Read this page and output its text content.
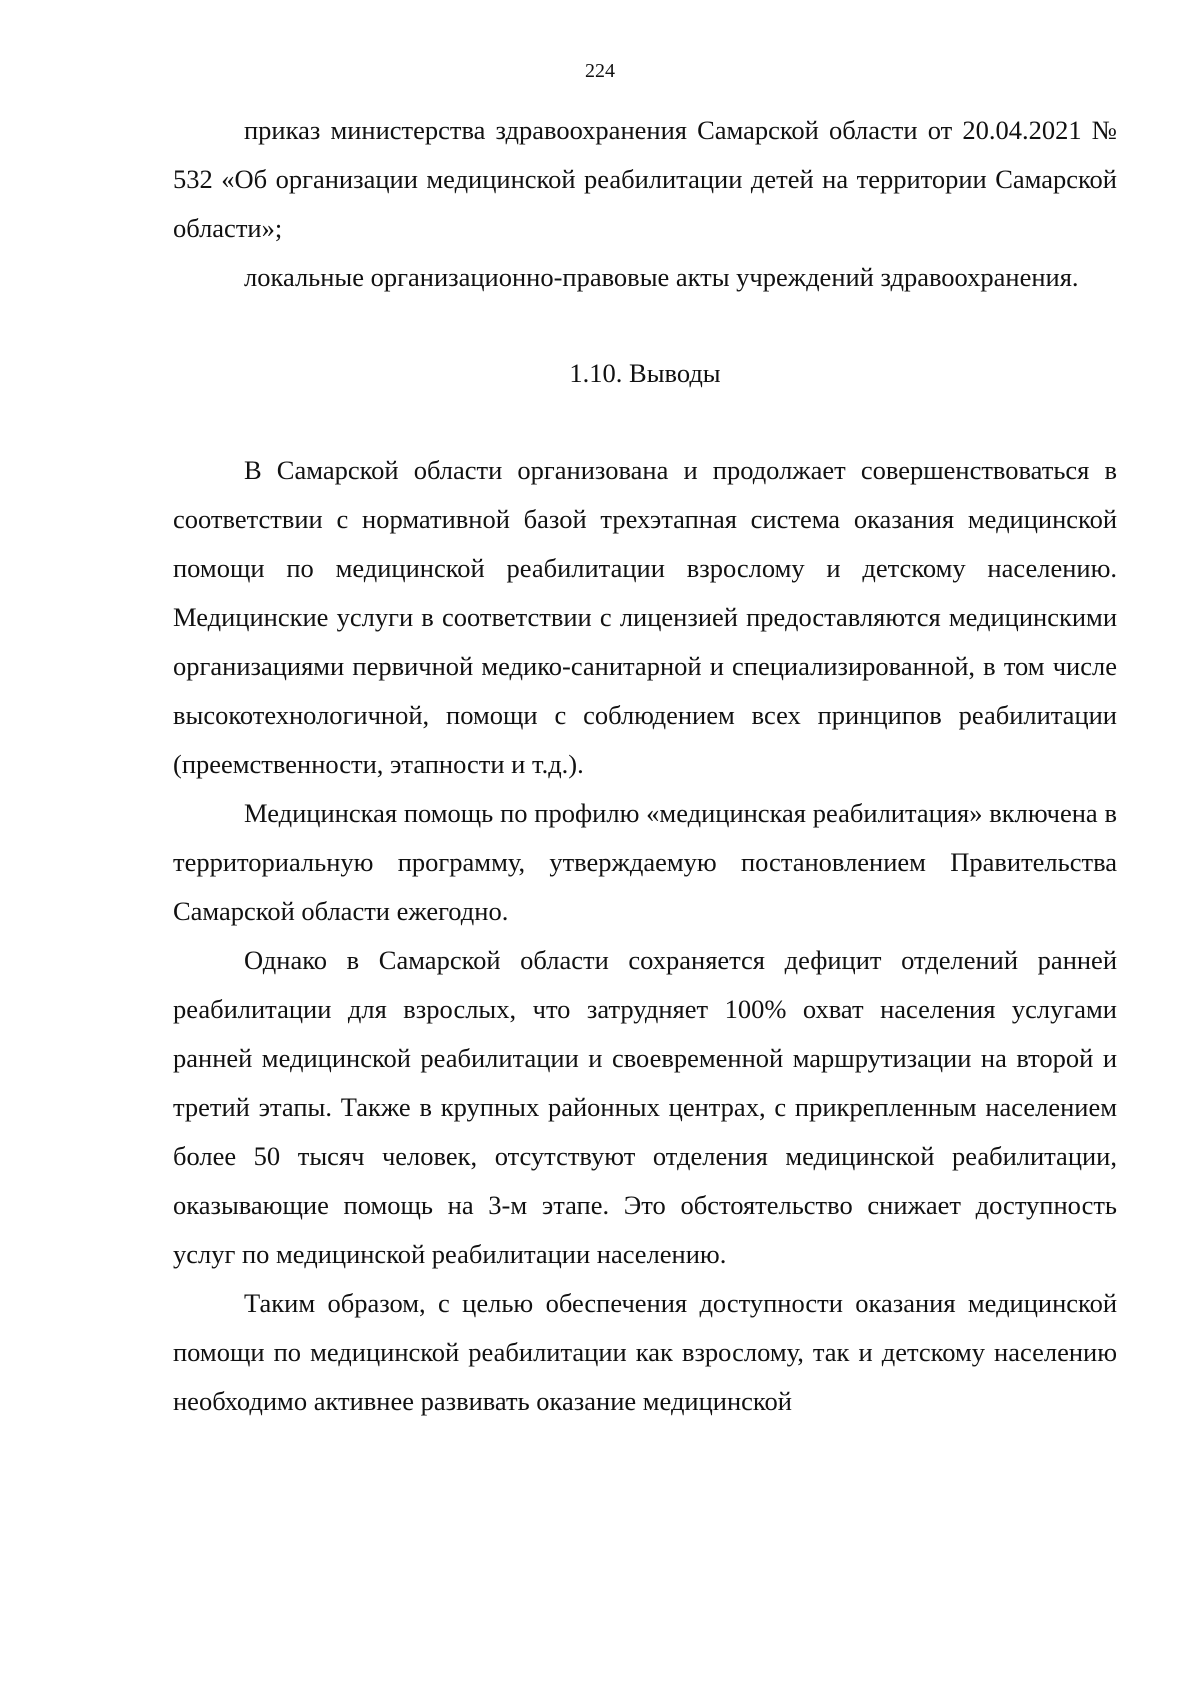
224

приказ министерства здравоохранения Самарской области от 20.04.2021 № 532 «Об организации медицинской реабилитации детей на территории Самарской области»;

локальные организационно-правовые акты учреждений здравоохранения.

1.10. Выводы

В Самарской области организована и продолжает совершенствоваться в соответствии с нормативной базой трехэтапная система оказания медицинской помощи по медицинской реабилитации взрослому и детскому населению. Медицинские услуги в соответствии с лицензией предоставляются медицинскими организациями первичной медико-санитарной и специализированной, в том числе высокотехнологичной, помощи с соблюдением всех принципов реабилитации (преемственности, этапности и т.д.).

Медицинская помощь по профилю «медицинская реабилитация» включена в территориальную программу, утверждаемую постановлением Правительства Самарской области ежегодно.

Однако в Самарской области сохраняется дефицит отделений ранней реабилитации для взрослых, что затрудняет 100% охват населения услугами ранней медицинской реабилитации и своевременной маршрутизации на второй и третий этапы. Также в крупных районных центрах, с прикрепленным населением более 50 тысяч человек, отсутствуют отделения медицинской реабилитации, оказывающие помощь на 3-м этапе. Это обстоятельство снижает доступность услуг по медицинской реабилитации населению.

Таким образом, с целью обеспечения доступности оказания медицинской помощи по медицинской реабилитации как взрослому, так и детскому населению необходимо активнее развивать оказание медицинской
